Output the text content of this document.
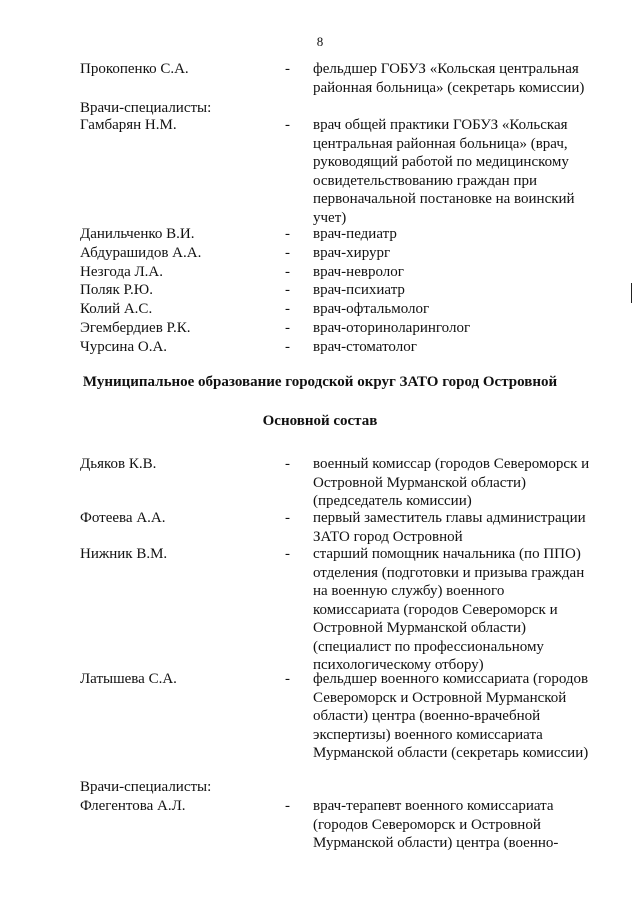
8
Прокопенко С.А.	- фельдшер ГОБУЗ «Кольская центральная районная больница» (секретарь комиссии)
Врачи-специалисты:
Гамбарян Н.М.	- врач общей практики ГОБУЗ «Кольская центральная районная больница» (врач, руководящий работой по медицинскому освидетельствованию граждан при первоначальной постановке на воинский учет)
Данильченко В.И.	- врач-педиатр
Абдурашидов А.А.	- врач-хирург
Незгода Л.А.	- врач-невролог
Поляк Р.Ю.	- врач-психиатр
Колий А.С.	- врач-офтальмолог
Эгембердиев Р.К.	- врач-оториноларинголог
Чурсина О.А.	- врач-стоматолог
Муниципальное образование городской округ ЗАТО город Островной
Основной состав
Дьяков К.В.	- военный комиссар (городов Североморск и Островной Мурманской области) (председатель комиссии)
Фотеева А.А.	- первый заместитель главы администрации ЗАТО город Островной
Нижник В.М.	- старший помощник начальника (по ППО) отделения (подготовки и призыва граждан на военную службу) военного комиссариата (городов Североморск и Островной Мурманской области) (специалист по профессиональному психологическому отбору)
Латышева С.А.	- фельдшер военного комиссариата (городов Североморск и Островной Мурманской области) центра (военно-врачебной экспертизы) военного комиссариата Мурманской области (секретарь комиссии)
Врачи-специалисты:
Флегентова А.Л.	- врач-терапевт военного комиссариата (городов Североморск и Островной Мурманской области) центра (военно-
